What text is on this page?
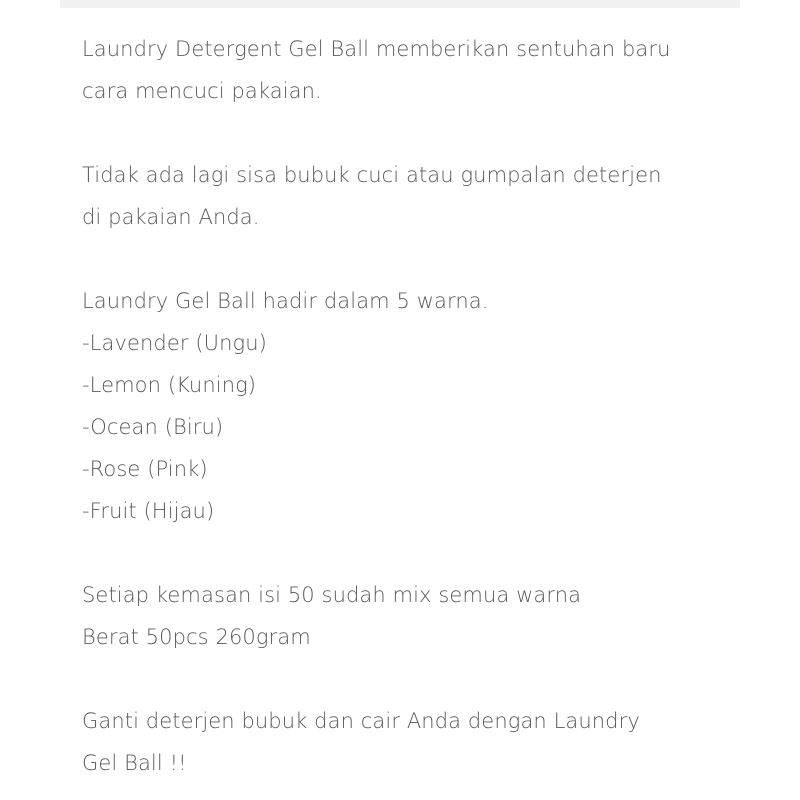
Laundry Detergent Gel Ball memberikan sentuhan baru

cara mencuci pakaian.

Tidak ada lagi sisa bubuk cuci atau gumpalan deterjen

di pakaian Anda.

Laundry Gel Ball hadir dalam 5 warna.

-Lavender (Ungu)

-Lemon (Kuning)

-Ocean (Biru)

-Rose (Pink)

-Fruit (Hijau)

Setiap kemasan isi 50 sudah mix semua warna

Berat 50pcs 260gram

Ganti deterjen bubuk dan cair Anda dengan Laundry

Gel Ball !!
